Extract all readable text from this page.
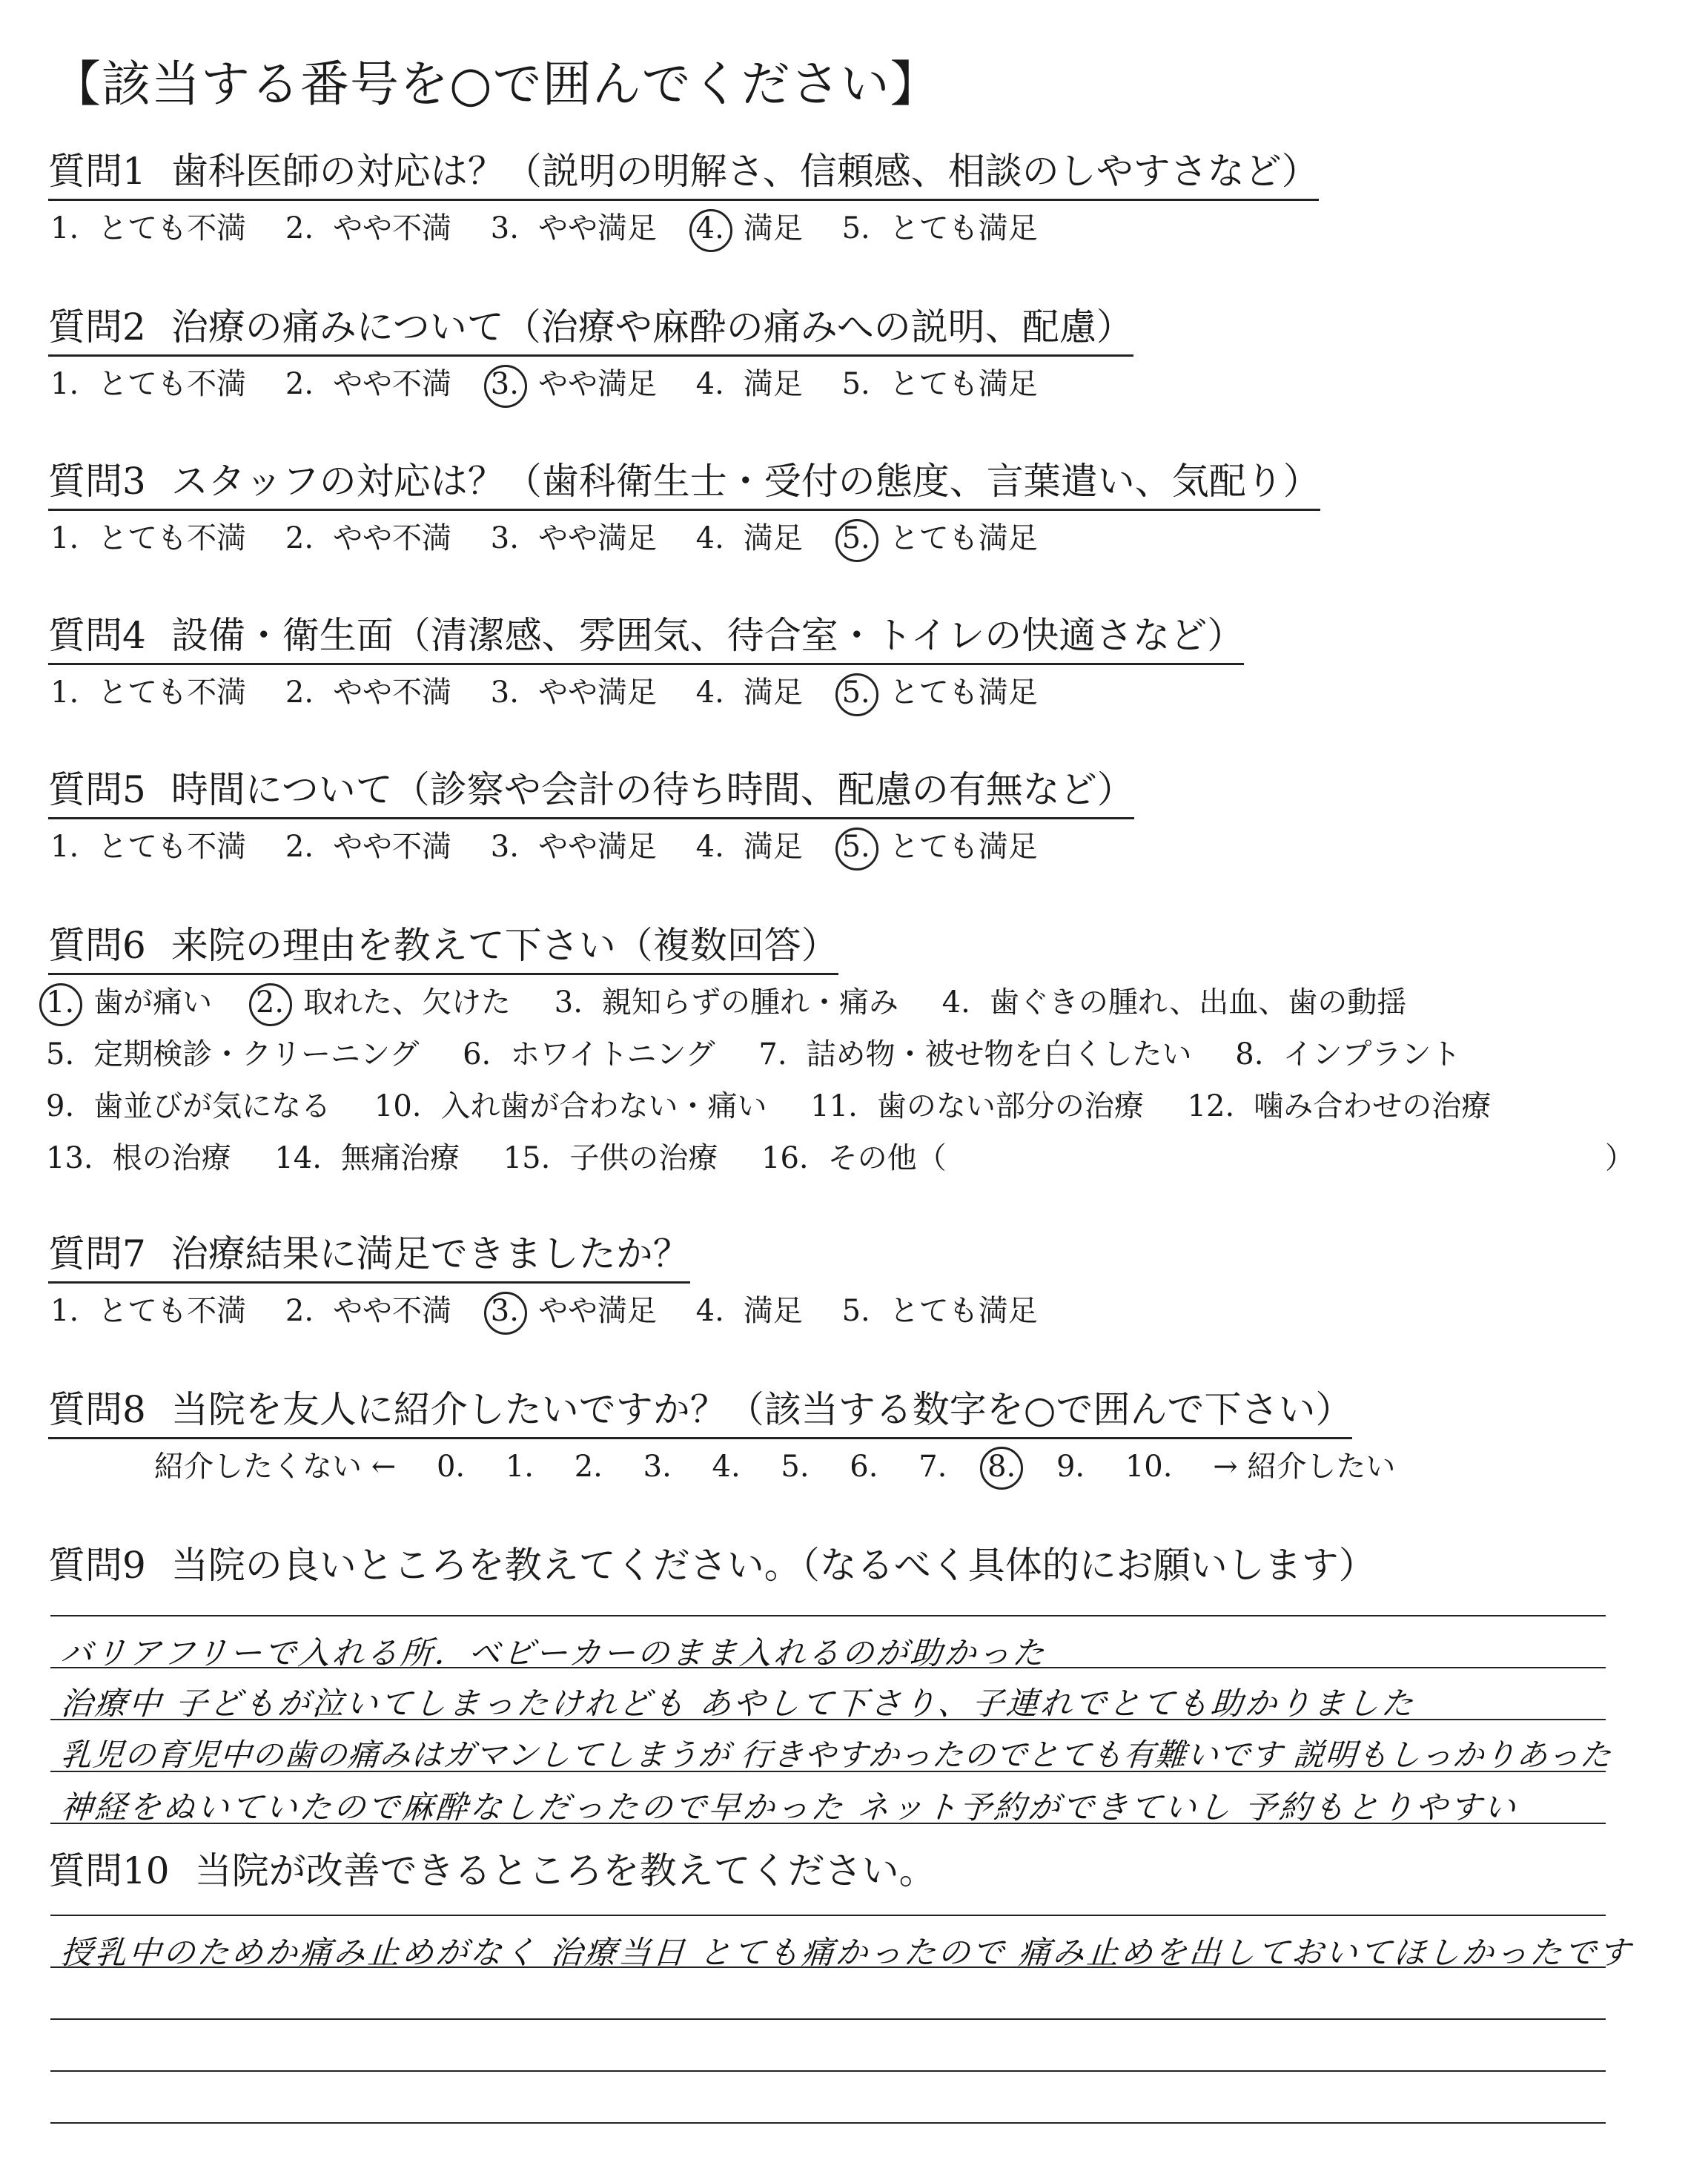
【該当する番号を○で囲んでください】
質問1 歯科医師の対応は？（説明の明解さ、信頼感、相談のしやすさなど）
1. とても不満 2. やや不満 3. やや満足 4. 満足 5. とても満足
質問2 治療の痛みについて（治療や麻酔の痛みへの説明、配慮）
1. とても不満 2. やや不満 3. やや満足 4. 満足 5. とても満足
質問3 スタッフの対応は？（歯科衛生士・受付の態度、言葉遣い、気配り）
1. とても不満 2. やや不満 3. やや満足 4. 満足 5. とても満足
質問4 設備・衛生面（清潔感、雰囲気、待合室・トイレの快適さなど）
1. とても不満 2. やや不満 3. やや満足 4. 満足 5. とても満足
質問5 時間について（診察や会計の待ち時間、配慮の有無など）
1. とても不満 2. やや不満 3. やや満足 4. 満足 5. とても満足
質問6 来院の理由を教えて下さい（複数回答）
1. 歯が痛い 2. 取れた、欠けた 3. 親知らずの腫れ・痛み 4. 歯ぐきの腫れ、出血、歯の動揺
5. 定期検診・クリーニング 6. ホワイトニング 7. 詰め物・被せ物を白くしたい 8. インプラント
9. 歯並びが気になる 10. 入れ歯が合わない・痛い 11. 歯のない部分の治療 12. 噛み合わせの治療
13. 根の治療 14. 無痛治療 15. 子供の治療 16. その他（	）
質問7 治療結果に満足できましたか？
1. とても不満 2. やや不満 3. やや満足 4. 満足 5. とても満足
質問8 当院を友人に紹介したいですか？（該当する数字を○で囲んで下さい）
紹介したくない ← 0. 1. 2. 3. 4. 5. 6. 7. 8. 9. 10. → 紹介したい
質問9 当院の良いところを教えてください。（なるべく具体的にお願いします）
バリアフリーで入れる所．ベビーカーのまま入れるのが助かった
治療中 子どもが泣いてしまったけれども あやして下さり、子連れでとても助かりました
乳児の育児中の歯の痛みはガマンしてしまうが 行きやすかったのでとても有難いです 説明もしっかりあった
神経をぬいていたので麻酔なしだったので早かった ネット予約ができていし 予約もとりやすい
質問10 当院が改善できるところを教えてください。
授乳中のためか痛み止めがなく 治療当日 とても痛かったので 痛み止めを出しておいてほしかったです
